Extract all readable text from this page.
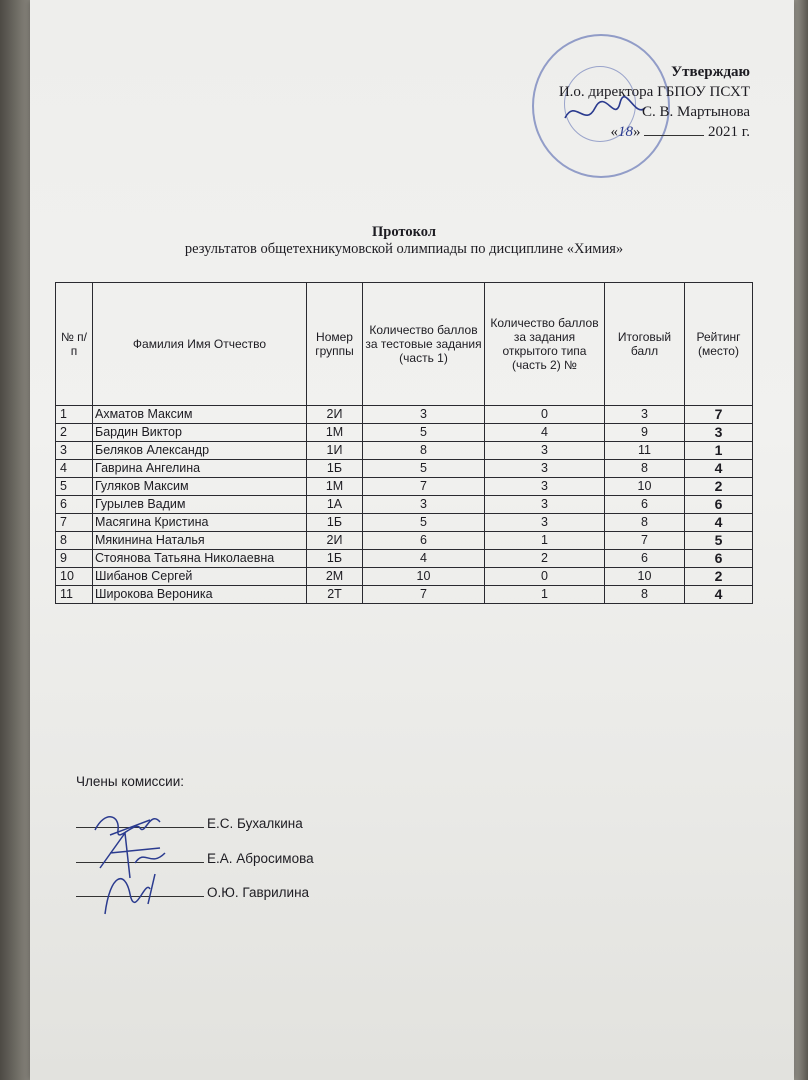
Утверждаю
И.о. директора ГБПОУ ПСХТ
С. В. Мартынова
«18»	2021 г.
Протокол
результатов общетехникумовской олимпиады по дисциплине «Химия»
№ п/п	Фамилия Имя Отчество	Номер группы	Количество баллов за тестовые задания (часть 1)	Количество баллов за задания открытого типа (часть 2) №	Итоговый балл	Рейтинг (место)
1	Ахматов Максим	2И	3	0	3	7
2	Бардин Виктор	1М	5	4	9	3
3	Беляков Александр	1И	8	3	11	1
4	Гаврина Ангелина	1Б	5	3	8	4
5	Гуляков Максим	1М	7	3	10	2
6	Гурылев Вадим	1А	3	3	6	6
7	Масягина Кристина	1Б	5	3	8	4
8	Мякинина Наталья	2И	6	1	7	5
9	Стоянова Татьяна Николаевна	1Б	4	2	6	6
10	Шибанов Сергей	2М	10	0	10	2
11	Широкова Вероника	2Т	7	1	8	4
Члены комиссии:
Е.С. Бухалкина
Е.А. Абросимова
О.Ю. Гаврилина
